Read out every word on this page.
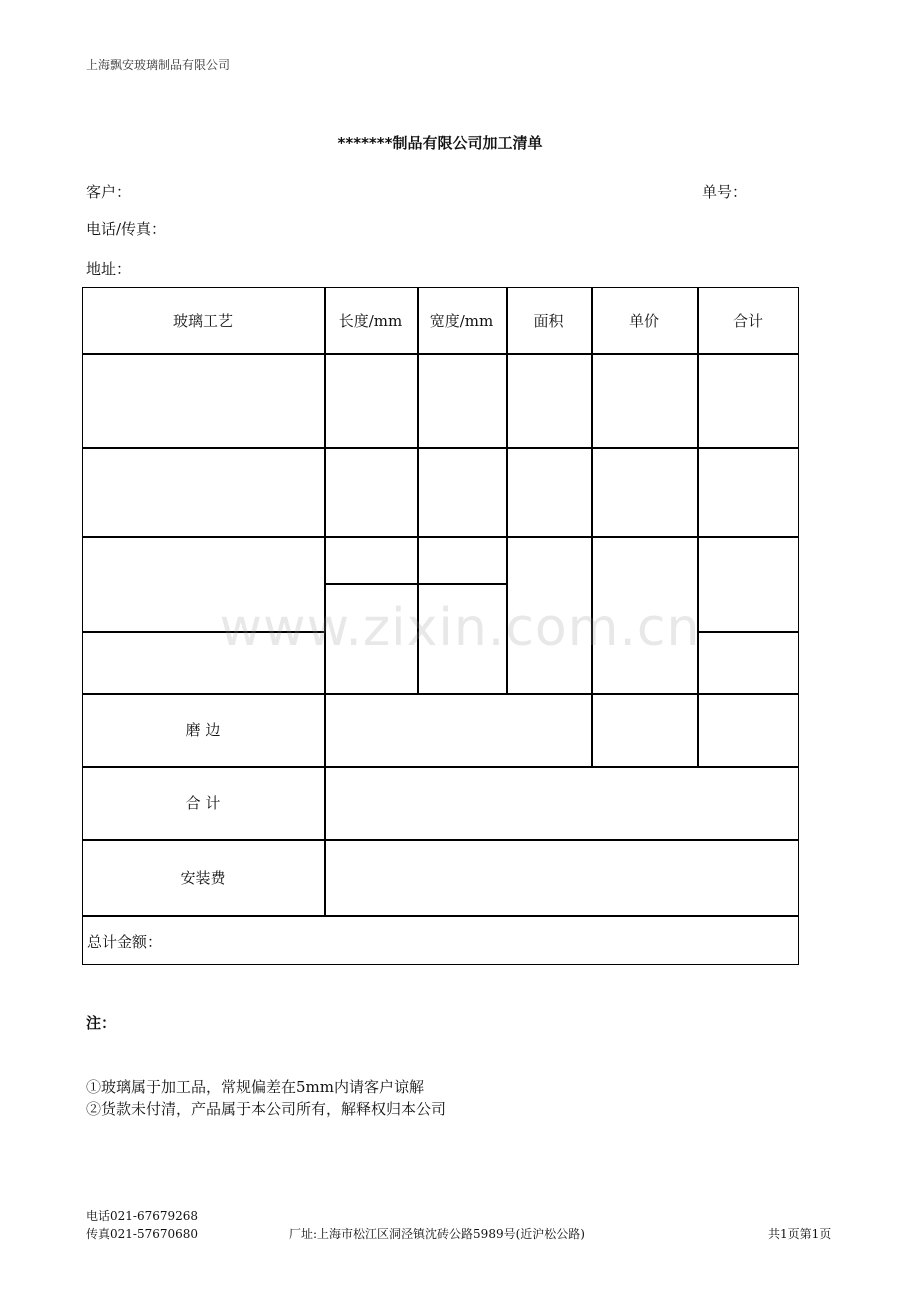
上海飘安玻璃制品有限公司
*******制品有限公司加工清单
客户：	单号：
电话/传真：
地址：
玻璃工艺	长度/mm	宽度/mm	面积	单价	合计
磨 边
合 计
安装费
总计金额：
www.zixin.com.cn
注：
①玻璃属于加工品，常规偏差在5mm内请客户谅解
②货款未付清，产品属于本公司所有，解释权归本公司
电话021-67679268
传真021-57670680	厂址:上海市松江区洞泾镇沈砖公路5989号(近沪松公路)	共1页第1页
